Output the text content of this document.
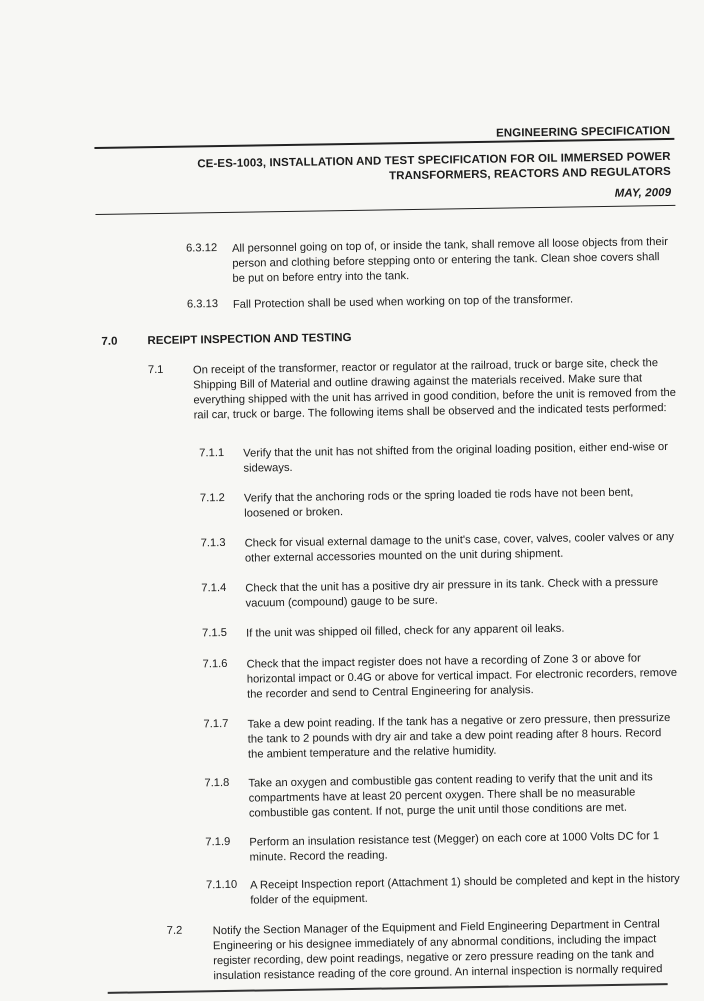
ENGINEERING SPECIFICATION
CE-ES-1003, INSTALLATION AND TEST SPECIFICATION FOR OIL IMMERSED POWER
TRANSFORMERS, REACTORS AND REGULATORS
MAY, 2009
6.3.12 All personnel going on top of, or inside the tank, shall remove all loose objects from their person and clothing before stepping onto or entering the tank. Clean shoe covers shall be put on before entry into the tank.
6.3.13 Fall Protection shall be used when working on top of the transformer.
7.0	RECEIPT INSPECTION AND TESTING
7.1	On receipt of the transformer, reactor or regulator at the railroad, truck or barge site, check the Shipping Bill of Material and outline drawing against the materials received. Make sure that everything shipped with the unit has arrived in good condition, before the unit is removed from the rail car, truck or barge. The following items shall be observed and the indicated tests performed:
7.1.1 Verify that the unit has not shifted from the original loading position, either end-wise or sideways.
7.1.2 Verify that the anchoring rods or the spring loaded tie rods have not been bent, loosened or broken.
7.1.3 Check for visual external damage to the unit's case, cover, valves, cooler valves or any other external accessories mounted on the unit during shipment.
7.1.4 Check that the unit has a positive dry air pressure in its tank. Check with a pressure vacuum (compound) gauge to be sure.
7.1.5 If the unit was shipped oil filled, check for any apparent oil leaks.
7.1.6 Check that the impact register does not have a recording of Zone 3 or above for horizontal impact or 0.4G or above for vertical impact. For electronic recorders, remove the recorder and send to Central Engineering for analysis.
7.1.7 Take a dew point reading. If the tank has a negative or zero pressure, then pressurize the tank to 2 pounds with dry air and take a dew point reading after 8 hours. Record the ambient temperature and the relative humidity.
7.1.8 Take an oxygen and combustible gas content reading to verify that the unit and its compartments have at least 20 percent oxygen. There shall be no measurable combustible gas content. If not, purge the unit until those conditions are met.
7.1.9 Perform an insulation resistance test (Megger) on each core at 1000 Volts DC for 1 minute. Record the reading.
7.1.10 A Receipt Inspection report (Attachment 1) should be completed and kept in the history folder of the equipment.
7.2	Notify the Section Manager of the Equipment and Field Engineering Department in Central Engineering or his designee immediately of any abnormal conditions, including the impact register recording, dew point readings, negative or zero pressure reading on the tank and insulation resistance reading of the core ground. An internal inspection is normally required
